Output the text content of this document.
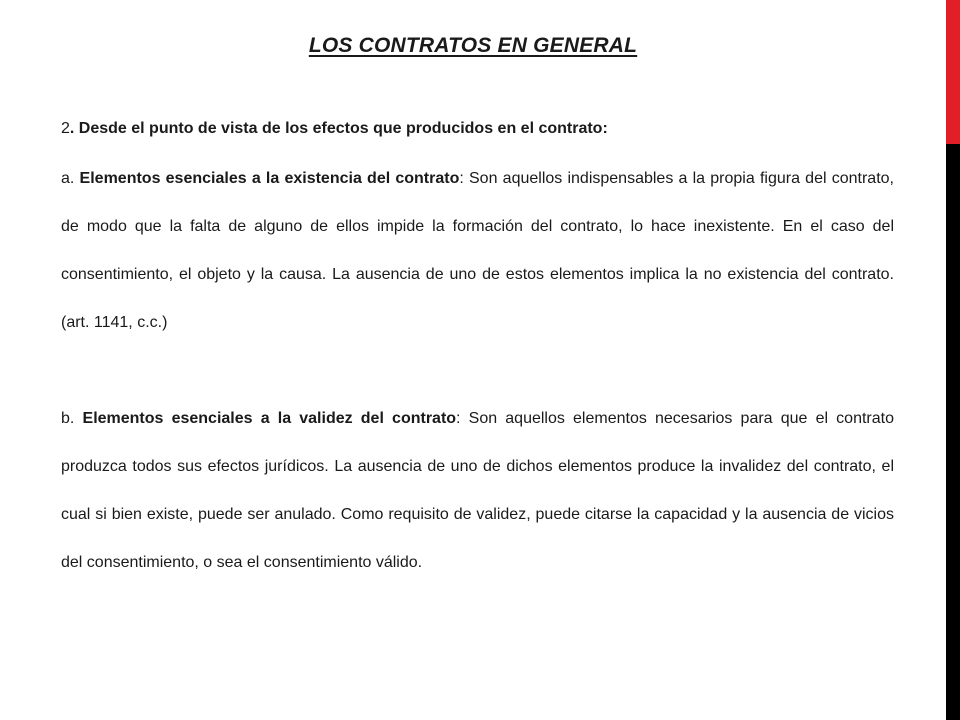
LOS CONTRATOS EN GENERAL

2. Desde el punto de vista de los efectos que producidos en el contrato:

a. Elementos esenciales a la existencia del contrato: Son aquellos indispensables a la propia figura del contrato, de modo que la falta de alguno de ellos impide la formación del contrato, lo hace inexistente. En el caso del consentimiento, el objeto y la causa. La ausencia de uno de estos elementos implica la no existencia del contrato. (art. 1141, c.c.)

b. Elementos esenciales a la validez del contrato: Son aquellos elementos necesarios para que el contrato produzca todos sus efectos jurídicos. La ausencia de uno de dichos elementos produce la invalidez del contrato, el cual si bien existe, puede ser anulado. Como requisito de validez, puede citarse la capacidad y la ausencia de vicios del consentimiento, o sea el consentimiento válido.
